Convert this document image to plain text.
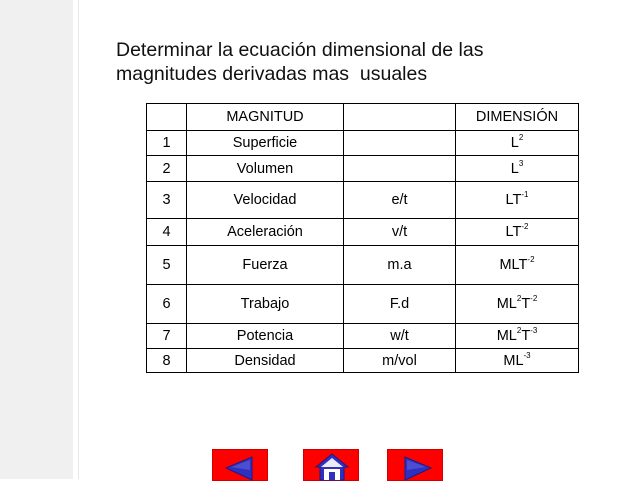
Determinar la ecuación dimensional de las
magnitudes derivadas mas  usuales
	MAGNITUD		DIMENSIÓN
1	Superficie		$L^2$
2	Volumen		$L^3$
3	Velocidad	e/t	$LT^{-1}$
4	Aceleración	v/t	$LT^{-2}$
5	Fuerza	m.a	$MLT^{-2}$
6	Trabajo	F.d	$ML^2T^{-2}$
7	Potencia	w/t	$ML^2T^{-3}$
8	Densidad	m/vol	$ML^{-3}$
